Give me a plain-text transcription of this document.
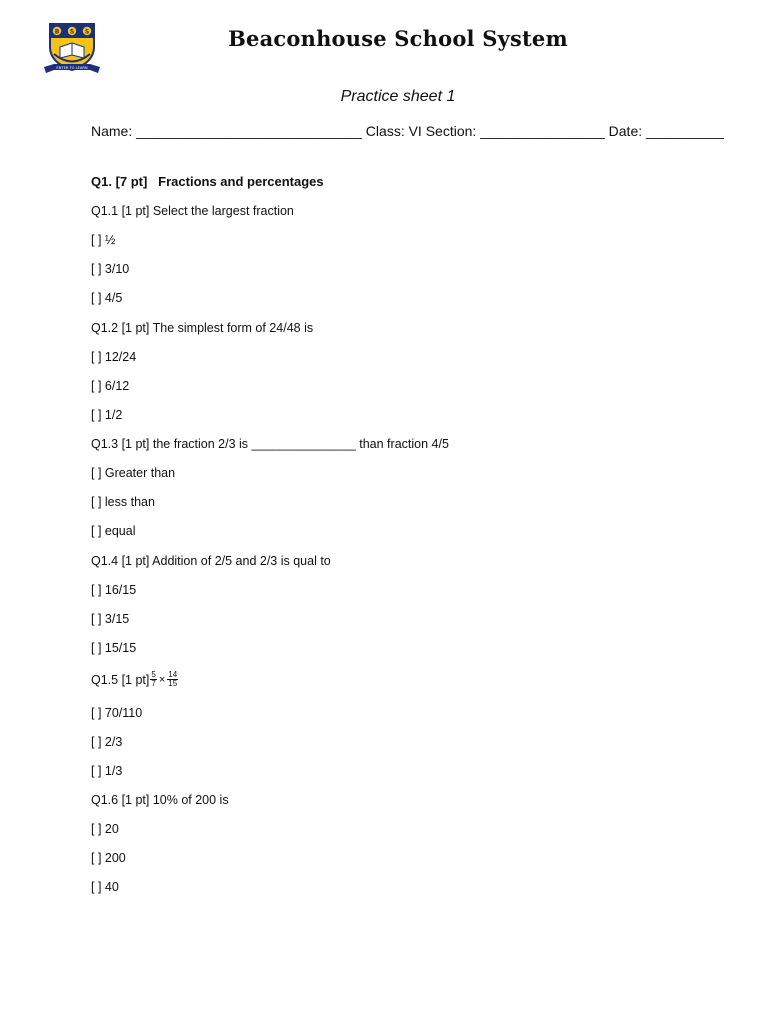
B S S
ENTER TO LEARN
Beaconhouse School System
Practice sheet 1
Name: _____________________________ Class: VI Section: ________________ Date: __________
Q1. [7 pt]   Fractions and percentages
Q1.1 [1 pt] Select the largest fraction
[ ] ½
[ ] 3/10
[ ] 4/5
Q1.2 [1 pt] The simplest form of 24/48 is
[ ] 12/24
[ ] 6/12
[ ] 1/2
Q1.3 [1 pt] the fraction 2/3 is _______________ than fraction 4/5
[ ] Greater than
[ ] less than
[ ] equal
Q1.4 [1 pt] Addition of 2/5 and 2/3 is qual to
[ ] 16/15
[ ] 3/15
[ ] 15/15
Q1.5 [1 $pt] \frac{5}{7} \times \frac{14}{15}$
[ ] 70/110
[ ] 2/3
[ ] 1/3
Q1.6 [1 pt] 10% of 200 is
[ ] 20
[ ] 200
[ ] 40
